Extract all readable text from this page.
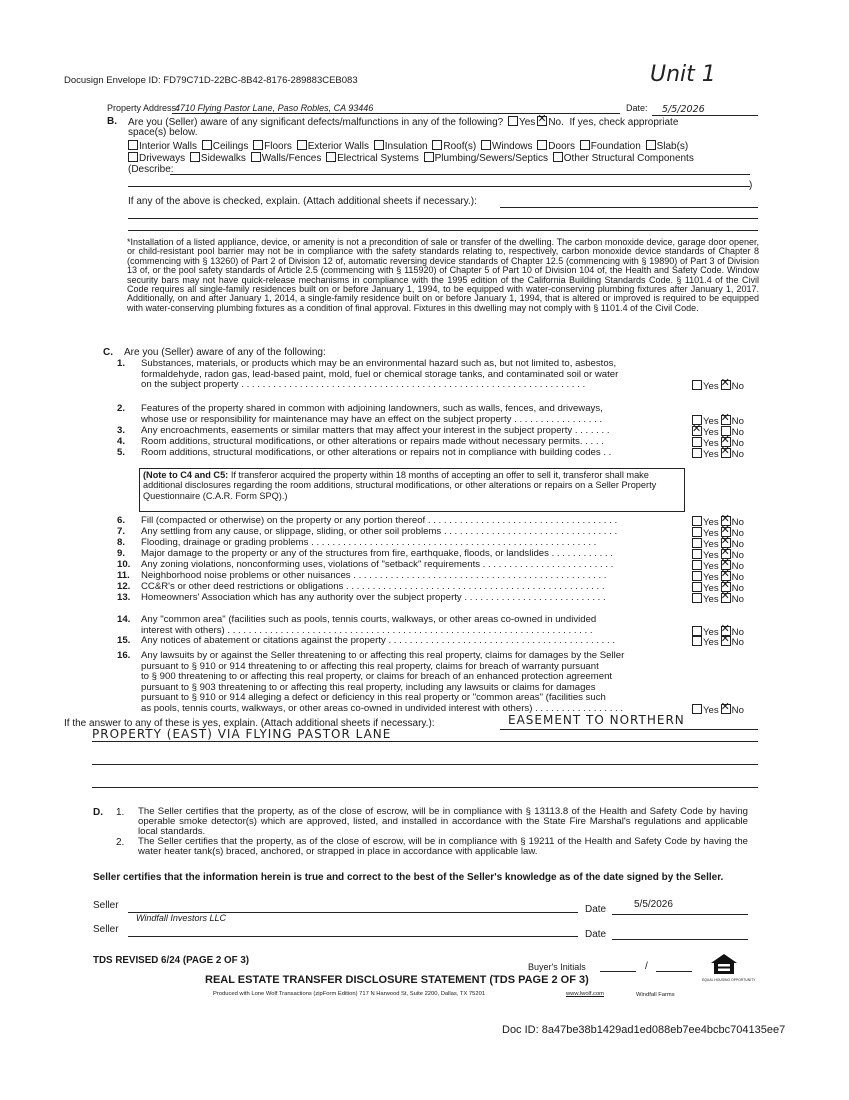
Docusign Envelope ID: FD79C71D-22BC-8B42-8176-289883CEB083	Unit 1
Property Address:
4710 Flying Pastor Lane, Paso Robles, CA 93446	Date: 5/5/2026
B. Are you (Seller) aware of any significant defects/malfunctions in any of the following? Yes ✕ No. If yes, check appropriate
space(s) below.
Interior Walls Ceilings Floors Exterior Walls Insulation Roof(s) Windows Doors Foundation Slab(s)
Driveways Sidewalks Walls/Fences Electrical Systems Plumbing/Sewers/Septics Other Structural Components
(Describe:
)
If any of the above is checked, explain. (Attach additional sheets if necessary.):
*Installation of a listed appliance, device, or amenity is not a precondition of sale or transfer of the dwelling. The carbon monoxide device, garage door opener, or child-resistant pool barrier may not be in compliance with the safety standards relating to, respectively, carbon monoxide device standards of Chapter 8 (commencing with § 13260) of Part 2 of Division 12 of, automatic reversing device standards of Chapter 12.5 (commencing with § 19890) of Part 3 of Division 13 of, or the pool safety standards of Article 2.5 (commencing with § 115920) of Chapter 5 of Part 10 of Division 104 of, the Health and Safety Code. Window security bars may not have quick-release mechanisms in compliance with the 1995 edition of the California Building Standards Code. § 1101.4 of the Civil Code requires all single-family residences built on or before January 1, 1994, to be equipped with water-conserving plumbing fixtures after January 1, 2017. Additionally, on and after January 1, 2014, a single-family residence built on or before January 1, 1994, that is altered or improved is required to be equipped with water-conserving plumbing fixtures as a condition of final approval. Fixtures in this dwelling may not comply with § 1101.4 of the Civil Code.
C. Are you (Seller) aware of any of the following:
1. Substances, materials, or products which may be an environmental hazard such as, but not limited to, asbestos,
formaldehyde, radon gas, lead-based paint, mold, fuel or chemical storage tanks, and contaminated soil or water
on the subject property . . . . . . . . . . . . . . . . . . . . . . . . . . . . . . . . . . . . . . . . . . . . . . . . . . . . . . . . . . . . . . . . .	Yes ✕ No
2. Features of the property shared in common with adjoining landowners, such as walls, fences, and driveways,
whose use or responsibility for maintenance may have an effect on the subject property . . . . . . . . . . . . . . . . .	Yes ✕ No
3. Any encroachments, easements or similar matters that may affect your interest in the subject property . . . . . . . ✕	Yes No
4. Room additions, structural modifications, or other alterations or repairs made without necessary permits. . . . .	Yes ✕ No
5. Room additions, structural modifications, or other alterations or repairs not in compliance with building codes . .	Yes ✕ No
6. Fill (compacted or otherwise) on the property or any portion thereof . . . . . . . . . . . . . . . . . . . . . . . . . . . . . . . . . . . .	Yes ✕ No
7. Any settling from any cause, or slippage, sliding, or other soil problems . . . . . . . . . . . . . . . . . . . . . . . . . . . . . . . . .	Yes ✕ No
8. Flooding, drainage or grading problems . . . . . . . . . . . . . . . . . . . . . . . . . . . . . . . . . . . . . . . . . . . . . . . . . . . . . .	Yes ✕ No
9. Major damage to the property or any of the structures from fire, earthquake, floods, or landslides . . . . . . . . . . . .	Yes ✕ No
10. Any zoning violations, nonconforming uses, violations of "setback" requirements . . . . . . . . . . . . . . . . . . . . . . . . .	Yes ✕ No
11. Neighborhood noise problems or other nuisances . . . . . . . . . . . . . . . . . . . . . . . . . . . . . . . . . . . . . . . . . . . . . . . .	Yes ✕ No
12. CC&R's or other deed restrictions or obligations . . . . . . . . . . . . . . . . . . . . . . . . . . . . . . . . . . . . . . . . . . . . . . . . .	Yes ✕ No
13. Homeowners' Association which has any authority over the subject property . . . . . . . . . . . . . . . . . . . . . . . . . . .	Yes ✕ No
14. Any "common area" (facilities such as pools, tennis courts, walkways, or other areas co-owned in undivided
interest with others) . . . . . . . . . . . . . . . . . . . . . . . . . . . . . . . . . . . . . . . . . . . . . . . . . . . . . . . . . . . . . . . . . . . . .	Yes ✕ No
15. Any notices of abatement or citations against the property . . . . . . . . . . . . . . . . . . . . . . . . . . . . . . . . . . . . . . . . . . .	Yes ✕ No
16. Any lawsuits by or against the Seller threatening to or affecting this real property, claims for damages by the Seller
pursuant to § 910 or 914 threatening to or affecting this real property, claims for breach of warranty pursuant
to § 900 threatening to or affecting this real property, or claims for breach of an enhanced protection agreement
pursuant to § 903 threatening to or affecting this real property, including any lawsuits or claims for damages
pursuant to § 910 or 914 alleging a defect or deficiency in this real property or "common areas" (facilities such
as pools, tennis courts, walkways, or other areas co-owned in undivided interest with others) . . . . . . . . . . . . . . . . .	Yes ✕ No
(Note to C4 and C5: If transferor acquired the property within 18 months of accepting an offer to sell it, transferor shall make additional disclosures regarding the room additions, structural modifications, or other alterations or repairs on a Seller Property Questionnaire (C.A.R. Form SPQ).)
If the answer to any of these is yes, explain. (Attach additional sheets if necessary.):	EASEMENT TO NORTHERN
PROPERTY (EAST) VIA FLYING PASTOR LANE
D. 1. The Seller certifies that the property, as of the close of escrow, will be in compliance with § 13113.8 of the Health and Safety Code by having operable smoke detector(s) which are approved, listed, and installed in accordance with the State Fire Marshal's regulations and applicable local standards.
2. The Seller certifies that the property, as of the close of escrow, will be in compliance with § 19211 of the Health and Safety Code by having the water heater tank(s) braced, anchored, or strapped in place in accordance with applicable law.
Seller certifies that the information herein is true and correct to the best of the Seller's knowledge as of the date signed by the Seller.
Seller
Windfall Investors LLC
Date	5/5/2026
Seller	Date
TDS REVISED 6/24 (PAGE 2 OF 3)
Buyer's Initials	/
EQUAL HOUSING OPPORTUNITY
REAL ESTATE TRANSFER DISCLOSURE STATEMENT (TDS PAGE 2 OF 3)
Produced with Lone Wolf Transactions (zipForm Edition) 717 N Harwood St, Suite 2200, Dallas, TX 75201	www.lwolf.com	Windfall Farms
Doc ID: 8a47be38b1429ad1ed088eb7ee4bcbc704135ee7
